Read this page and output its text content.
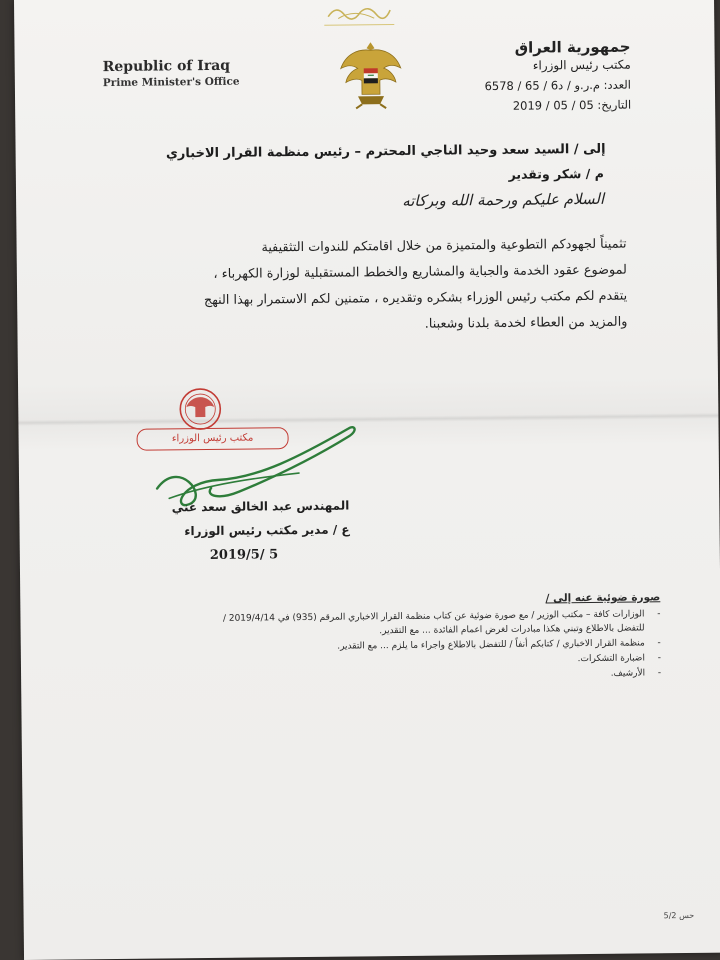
Republic of Iraq
Prime Minister's Office
جمهورية العراق
مكتب رئيس الوزراء
العدد: م.ر.و / د6 / 65 / 6578
التاريخ: 05 / 05 / 2019
إلى / السيد سعد وحيد الناجي المحترم – رئيس منظمة القرار الاخباري
م / شكر وتقدير
السلام عليكم ورحمة الله وبركاته

تثميناً لجهودكم التطوعية والمتميزة من خلال اقامتكم للندوات التثقيفية

لموضوع عقود الخدمة والجباية والمشاريع والخطط المستقبلية لوزارة الكهرباء ،

يتقدم لكم مكتب رئيس الوزراء بشكره وتقديره ، متمنين لكم الاستمرار بهذا النهج

والمزيد من العطاء لخدمة بلدنا وشعبنا.

مكتب رئيس الوزراء
المهندس عبد الخالق سعد غني
ع / مدير مكتب رئيس الوزراء
2019/5/ 5
صورة ضوئية عنه إلى /
- الوزارات كافة – مكتب الوزير / مع صورة ضوئية عن كتاب منظمة القرار الاخباري المرقم (935) في 2019/4/14 /
للتفضل بالاطلاع وتبني هكذا مبادرات لغرض اعمام الفائدة ... مع التقدير.
- منظمة القرار الاخباري / كتابكم أنفاً / للتفضل بالاطلاع واجراء ما يلزم ... مع التقدير.
- اضبارة التشكرات.
- الأرشيف.
حس 5/2
